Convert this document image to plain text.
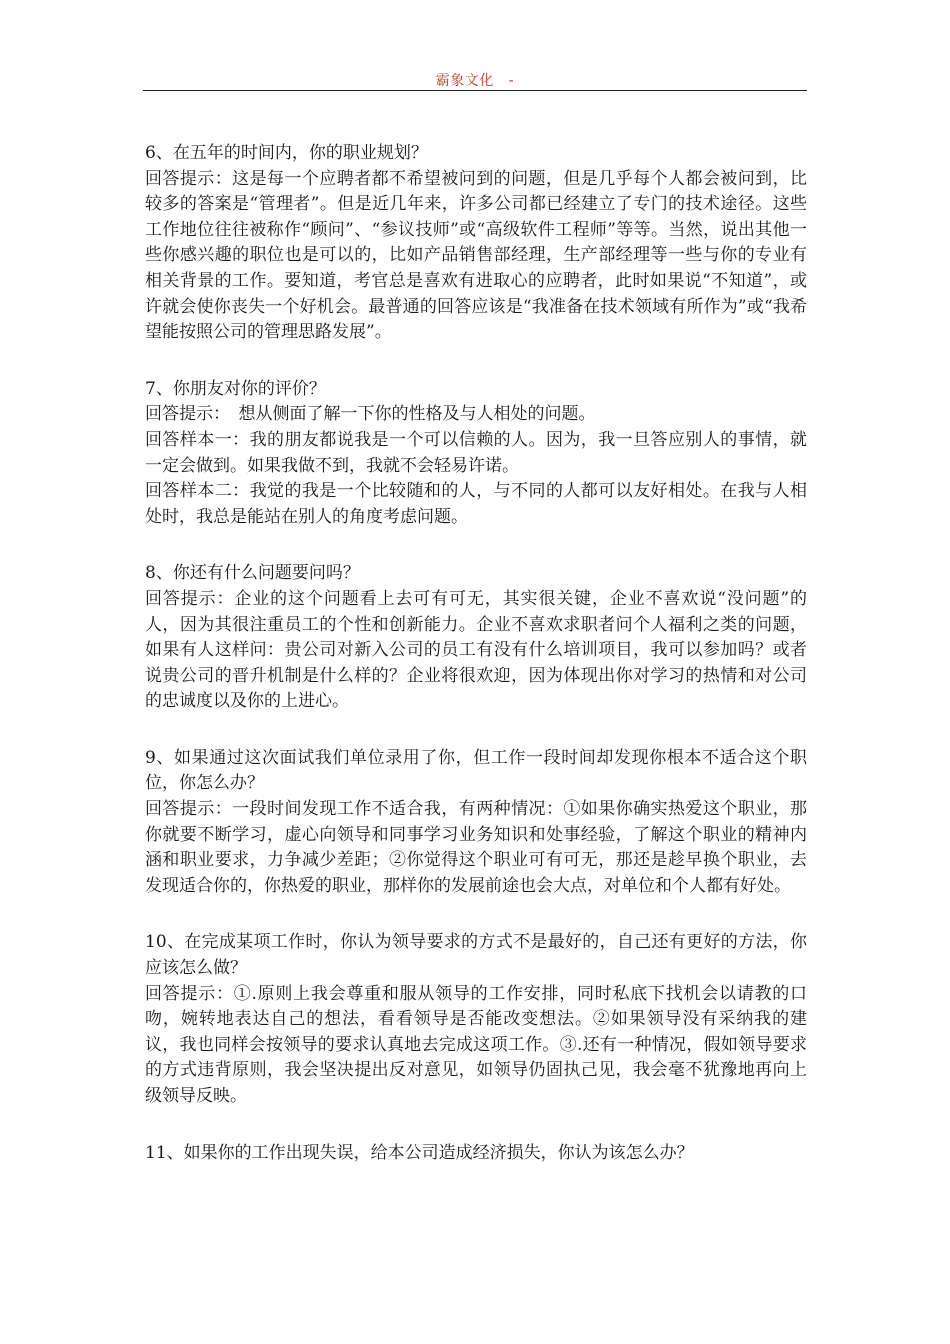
霸象文化 -

6、在五年的时间内，你的职业规划？

回答提示：这是每一个应聘者都不希望被问到的问题，但是几乎每个人都会被问到，比较多的答案是“管理者”。但是近几年来，许多公司都已经建立了专门的技术途径。这些工作地位往往被称作“顾问”、“参议技师”或“高级软件工程师”等等。当然，说出其他一些你感兴趣的职位也是可以的，比如产品销售部经理，生产部经理等一些与你的专业有相关背景的工作。要知道，考官总是喜欢有进取心的应聘者，此时如果说“不知道”，或许就会使你丧失一个好机会。最普通的回答应该是“我准备在技术领域有所作为”或“我希望能按照公司的管理思路发展”。

7、你朋友对你的评价？

回答提示：　想从侧面了解一下你的性格及与人相处的问题。

回答样本一：我的朋友都说我是一个可以信赖的人。因为，我一旦答应别人的事情，就一定会做到。如果我做不到，我就不会轻易许诺。

回答样本二：我觉的我是一个比较随和的人，与不同的人都可以友好相处。在我与人相处时，我总是能站在别人的角度考虑问题。

8、你还有什么问题要问吗？

回答提示：企业的这个问题看上去可有可无，其实很关键，企业不喜欢说“没问题”的人，因为其很注重员工的个性和创新能力。企业不喜欢求职者问个人福利之类的问题，如果有人这样问：贵公司对新入公司的员工有没有什么培训项目，我可以参加吗？或者说贵公司的晋升机制是什么样的？企业将很欢迎，因为体现出你对学习的热情和对公司的忠诚度以及你的上进心。

9、如果通过这次面试我们单位录用了你，但工作一段时间却发现你根本不适合这个职位，你怎么办？

回答提示：一段时间发现工作不适合我，有两种情况：①如果你确实热爱这个职业，那你就要不断学习，虚心向领导和同事学习业务知识和处事经验，了解这个职业的精神内涵和职业要求，力争减少差距；②你觉得这个职业可有可无，那还是趁早换个职业，去发现适合你的，你热爱的职业，那样你的发展前途也会大点，对单位和个人都有好处。

10、在完成某项工作时，你认为领导要求的方式不是最好的，自己还有更好的方法，你应该怎么做？

回答提示：①.原则上我会尊重和服从领导的工作安排，同时私底下找机会以请教的口吻，婉转地表达自己的想法，看看领导是否能改变想法。②如果领导没有采纳我的建议，我也同样会按领导的要求认真地去完成这项工作。③.还有一种情况，假如领导要求的方式违背原则，我会坚决提出反对意见，如领导仍固执己见，我会毫不犹豫地再向上级领导反映。

11、如果你的工作出现失误，给本公司造成经济损失，你认为该怎么办？
